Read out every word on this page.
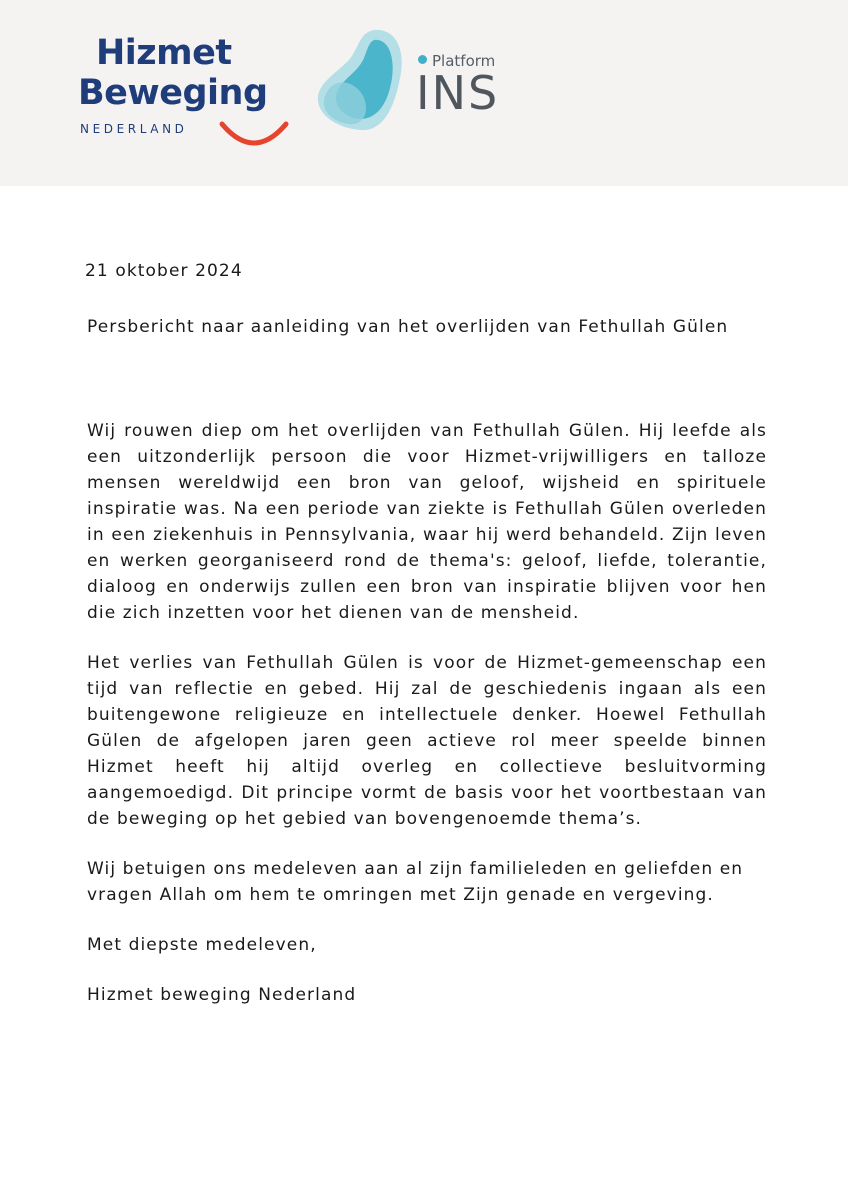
Hizmet
Beweging
NEDERLAND
Platform
INS

21 oktober 2024

Persbericht naar aanleiding van het overlijden van Fethullah Gülen

Wij rouwen diep om het overlijden van Fethullah Gülen. Hij leefde als een uitzonderlijk persoon die voor Hizmet-vrijwilligers en talloze mensen wereldwijd een bron van geloof, wijsheid en spirituele inspiratie was. Na een periode van ziekte is Fethullah Gülen overleden in een ziekenhuis in Pennsylvania, waar hij werd behandeld. Zijn leven en werken georganiseerd rond de thema's: geloof, liefde, tolerantie, dialoog en onderwijs zullen een bron van inspiratie blijven voor hen die zich inzetten voor het dienen van de mensheid.

Het verlies van Fethullah Gülen is voor de Hizmet-gemeenschap een tijd van reflectie en gebed. Hij zal de geschiedenis ingaan als een buitengewone religieuze en intellectuele denker. Hoewel Fethullah Gülen de afgelopen jaren geen actieve rol meer speelde binnen Hizmet heeft hij altijd overleg en collectieve besluitvorming aangemoedigd. Dit principe vormt de basis voor het voortbestaan van de beweging op het gebied van bovengenoemde thema’s.

Wij betuigen ons medeleven aan al zijn familieleden en geliefden en vragen Allah om hem te omringen met Zijn genade en vergeving.

Met diepste medeleven,

Hizmet beweging Nederland
